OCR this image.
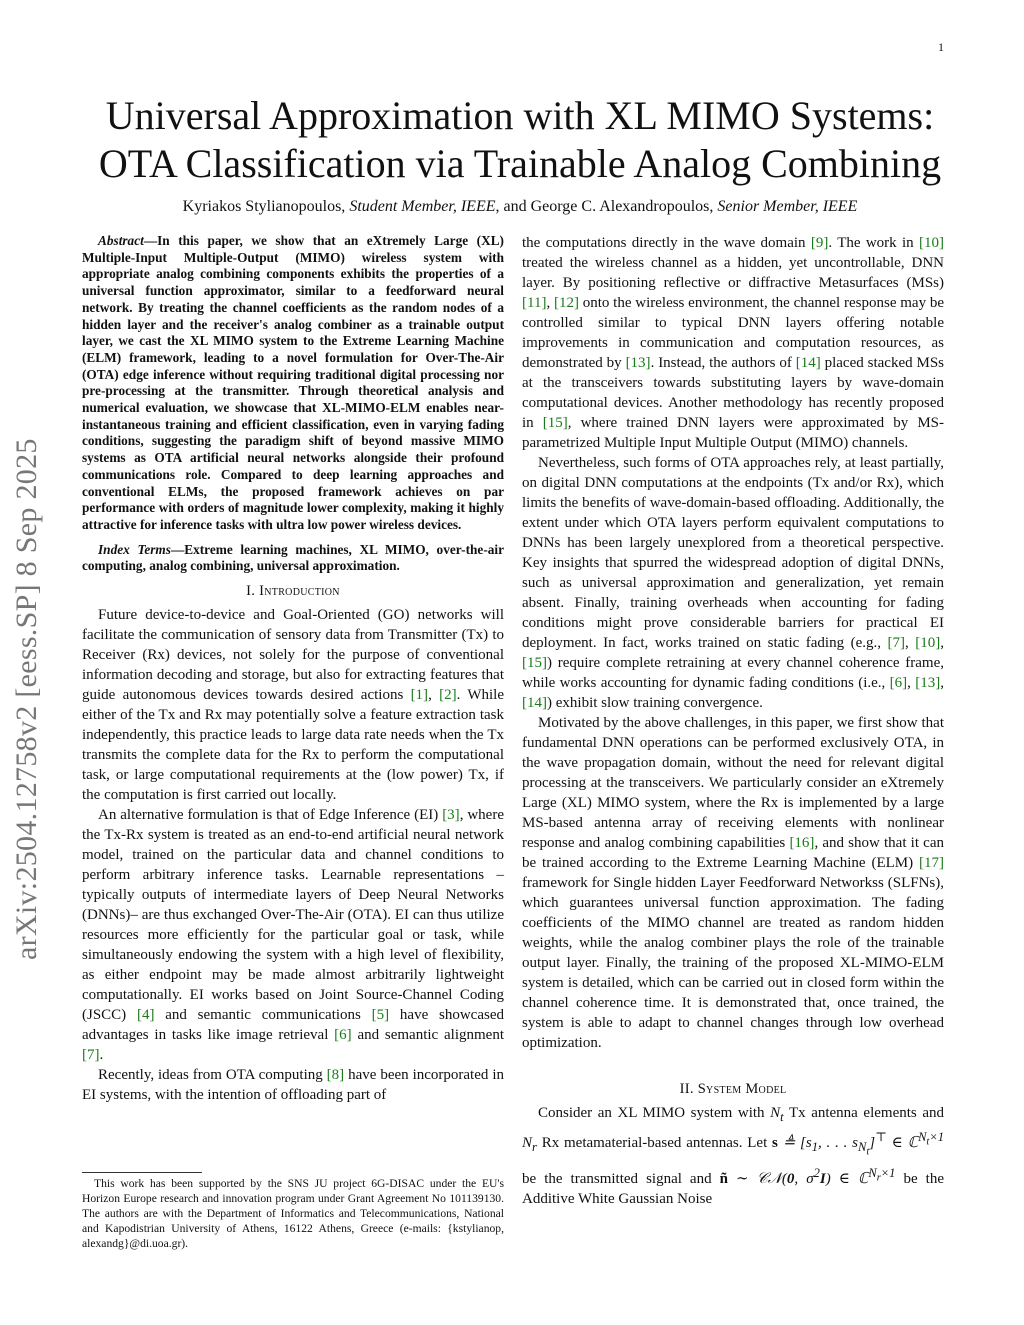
1
arXiv:2504.12758v2 [eess.SP] 8 Sep 2025
Universal Approximation with XL MIMO Systems:
OTA Classification via Trainable Analog Combining
Kyriakos Stylianopoulos, Student Member, IEEE, and George C. Alexandropoulos, Senior Member, IEEE

Abstract—In this paper, we show that an eXtremely Large (XL) Multiple-Input Multiple-Output (MIMO) wireless system with appropriate analog combining components exhibits the properties of a universal function approximator, similar to a feedforward neural network. By treating the channel coefficients as the random nodes of a hidden layer and the receiver's analog combiner as a trainable output layer, we cast the XL MIMO system to the Extreme Learning Machine (ELM) framework, leading to a novel formulation for Over-The-Air (OTA) edge inference without requiring traditional digital processing nor pre-processing at the transmitter. Through theoretical analysis and numerical evaluation, we showcase that XL-MIMO-ELM enables near-instantaneous training and efficient classification, even in varying fading conditions, suggesting the paradigm shift of beyond massive MIMO systems as OTA artificial neural networks alongside their profound communications role. Compared to deep learning approaches and conventional ELMs, the proposed framework achieves on par performance with orders of magnitude lower complexity, making it highly attractive for inference tasks with ultra low power wireless devices.

Index Terms—Extreme learning machines, XL MIMO, over-the-air computing, analog combining, universal approximation.

I. Introduction

Future device-to-device and Goal-Oriented (GO) networks will facilitate the communication of sensory data from Transmitter (Tx) to Receiver (Rx) devices, not solely for the purpose of conventional information decoding and storage, but also for extracting features that guide autonomous devices towards desired actions [1], [2]. While either of the Tx and Rx may potentially solve a feature extraction task independently, this practice leads to large data rate needs when the Tx transmits the complete data for the Rx to perform the computational task, or large computational requirements at the (low power) Tx, if the computation is first carried out locally.

An alternative formulation is that of Edge Inference (EI) [3], where the Tx-Rx system is treated as an end-to-end artificial neural network model, trained on the particular data and channel conditions to perform arbitrary inference tasks. Learnable representations –typically outputs of intermediate layers of Deep Neural Networks (DNNs)– are thus exchanged Over-The-Air (OTA). EI can thus utilize resources more efficiently for the particular goal or task, while simultaneously endowing the system with a high level of flexibility, as either endpoint may be made almost arbitrarily lightweight computationally. EI works based on Joint Source-Channel Coding (JSCC) [4] and semantic communications [5] have showcased advantages in tasks like image retrieval [6] and semantic alignment [7].

Recently, ideas from OTA computing [8] have been incorporated in EI systems, with the intention of offloading part of

This work has been supported by the SNS JU project 6G-DISAC under the EU's Horizon Europe research and innovation program under Grant Agreement No 101139130. The authors are with the Department of Informatics and Telecommunications, National and Kapodistrian University of Athens, 16122 Athens, Greece (e-mails: {kstylianop, alexandg}@di.uoa.gr).

the computations directly in the wave domain [9]. The work in [10] treated the wireless channel as a hidden, yet uncontrollable, DNN layer. By positioning reflective or diffractive Metasurfaces (MSs) [11], [12] onto the wireless environment, the channel response may be controlled similar to typical DNN layers offering notable improvements in communication and computation resources, as demonstrated by [13]. Instead, the authors of [14] placed stacked MSs at the transceivers towards substituting layers by wave-domain computational devices. Another methodology has recently proposed in [15], where trained DNN layers were approximated by MS-parametrized Multiple Input Multiple Output (MIMO) channels.

Nevertheless, such forms of OTA approaches rely, at least partially, on digital DNN computations at the endpoints (Tx and/or Rx), which limits the benefits of wave-domain-based offloading. Additionally, the extent under which OTA layers perform equivalent computations to DNNs has been largely unexplored from a theoretical perspective. Key insights that spurred the widespread adoption of digital DNNs, such as universal approximation and generalization, yet remain absent. Finally, training overheads when accounting for fading conditions might prove considerable barriers for practical EI deployment. In fact, works trained on static fading (e.g., [7], [10], [15]) require complete retraining at every channel coherence frame, while works accounting for dynamic fading conditions (i.e., [6], [13], [14]) exhibit slow training convergence.

Motivated by the above challenges, in this paper, we first show that fundamental DNN operations can be performed exclusively OTA, in the wave propagation domain, without the need for relevant digital processing at the transceivers. We particularly consider an eXtremely Large (XL) MIMO system, where the Rx is implemented by a large MS-based antenna array of receiving elements with nonlinear response and analog combining capabilities [16], and show that it can be trained according to the Extreme Learning Machine (ELM) [17] framework for Single hidden Layer Feedforward Networkss (SLFNs), which guarantees universal function approximation. The fading coefficients of the MIMO channel are treated as random hidden weights, while the analog combiner plays the role of the trainable output layer. Finally, the training of the proposed XL-MIMO-ELM system is detailed, which can be carried out in closed form within the channel coherence time. It is demonstrated that, once trained, the system is able to adapt to channel changes through low overhead optimization.

II. System Model

Consider an XL MIMO system with $N_t$ Tx antenna elements and $N_r$ Rx metamaterial-based antennas. Let s ≜ [$s_1$, . . . $s_{N_t}]^⊤$ ∈ ℂ$^{N_t\times 1}$ be the transmitted signal and ñ ∼ 𝒞𝒩(0, $\sigma^2I$) ∈ ℂ$^{N_r\times 1}$ be the Additive White Gaussian Noise
